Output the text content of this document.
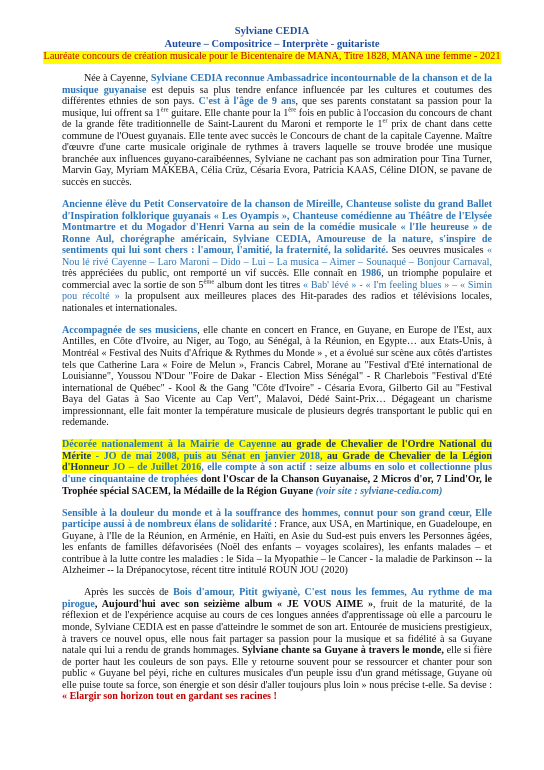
Sylviane CEDIA
Auteure – Compositrice – Interprète - guitariste
Lauréate concours de création musicale pour le Bicentenaire de MANA, Titre 1828, MANA une femme - 2021

Née à Cayenne, Sylviane CEDIA reconnue Ambassadrice incontournable de la chanson et de la musique guyanaise est depuis sa plus tendre enfance influencée par les cultures et coutumes des différentes ethnies de son pays. C'est à l'âge de 9 ans, que ses parents constatant sa passion pour la musique, lui offrent sa 1ère guitare. Elle chante pour la 1ère fois en public à l'occasion du concours de chant de la grande fête traditionnelle de Saint-Laurent du Maroni et remporte le 1er prix de chant dans cette commune de l'Ouest guyanais. Elle tente avec succès le Concours de chant de la capitale Cayenne. Maître d'œuvre d'une carte musicale originale de rythmes à travers laquelle se trouve brodée une musique branchée aux influences guyano-caraïbéennes, Sylviane ne cachant pas son admiration pour Tina Turner, Marvin Gay, Myriam MAKEBA, Célia Crüz, Césaria Evora, Patricia KAAS, Céline DION, se pavane de succès en succès.

Ancienne élève du Petit Conservatoire de la chanson de Mireille, Chanteuse soliste du grand Ballet d'Inspiration folklorique guyanais « Les Oyampis », Chanteuse comédienne au Théâtre de l'Elysée Montmartre et du Mogador d'Henri Varna au sein de la comédie musicale « l'Ile heureuse » de Ronne Aul, chorégraphe américain, Sylviane CEDIA, Amoureuse de la nature, s'inspire de sentiments qui lui sont chers : l'amour, l'amitié, la fraternité, la solidarité. Ses oeuvres musicales « Nou lé rivé Cayenne – Laro Maroni – Dido – Lui – La musica – Aimer – Sounaqué – Bonjour Carnaval, très appréciées du public, ont remporté un vif succès. Elle connaît en 1986, un triomphe populaire et commercial avec la sortie de son 5ème album dont les titres « Bab' lévé » - « I'm feeling blues » – « Simin pou récolté » la propulsent aux meilleures places des Hit-parades des radios et télévisions locales, nationales et internationales.

Accompagnée de ses musiciens, elle chante en concert en France, en Guyane, en Europe de l'Est, aux Antilles, en Côte d'Ivoire, au Niger, au Togo, au Sénégal, à la Réunion, en Egypte… aux Etats-Unis, à Montréal « Festival des Nuits d'Afrique & Rythmes du Monde » , et a évolué sur scène aux côtés d'artistes tels que Catherine Lara « Foire de Melun », Francis Cabrel, Morane au "Festival d'Eté international de Louisianne", Youssou N'Dour "Foire de Dakar - Election Miss Sénégal" - R Charlebois "Festival d'Eté international de Québec" - Kool & the Gang "Côte d'Ivoire" - Césaria Evora, Gilberto Gil au "Festival Baya del Gatas à Sao Vicente au Cap Vert", Malavoi, Dédé Saint-Prix… Dégageant un charisme impressionnant, elle fait monter la température musicale de plusieurs degrés transportant le public qui en redemande.

Décorée nationalement à la Mairie de Cayenne au grade de Chevalier de l'Ordre National du Mérite - JO de mai 2008, puis au Sénat en janvier 2018, au Grade de Chevalier de la Légion d'Honneur JO – de Juillet 2016, elle compte à son actif : seize albums en solo et collectionne plus d'une cinquantaine de trophées dont l'Oscar de la Chanson Guyanaise, 2 Micros d'or, 7 Lind'Or, le Trophée spécial SACEM, la Médaille de la Région Guyane (voir site : sylviane-cedia.com)

Sensible à la douleur du monde et à la souffrance des hommes, connut pour son grand cœur, Elle participe aussi à de nombreux élans de solidarité : France, aux USA, en Martinique, en Guadeloupe, en Guyane, à l'Ile de la Réunion, en Arménie, en Haïti, en Asie du Sud-est puis envers les Personnes âgées, les enfants de familles défavorisées (Noël des enfants – voyages scolaires), les enfants malades – et contribue à la lutte contre les maladies : le Sida – la Myopathie – le Cancer - la maladie de Parkinson -- la Alzheimer -- la Drépanocytose, récent titre intitulé ROUN JOU (2020)

Après les succès de Bois d'amour, Pitit gwiyanè, C'est nous les femmes, Au rythme de ma pirogue, Aujourd'hui avec son seizième album « JE VOUS AIME », fruit de la maturité, de la réflexion et de l'expérience acquise au cours de ces longues années d'apprentissage où elle a parcouru le monde, Sylviane CEDIA est en passe d'atteindre le sommet de son art. Entourée de musiciens prestigieux, à travers ce nouvel opus, elle nous fait partager sa passion pour la musique et sa fidélité à sa Guyane natale qui lui a rendu de grands hommages. Sylviane chante sa Guyane à travers le monde, elle si fière de porter haut les couleurs de son pays. Elle y retourne souvent pour se ressourcer et chanter pour son public « Guyane bel péyi, riche en cultures musicales d'un peuple issu d'un grand métissage, Guyane où elle puise toute sa force, son énergie et son désir d'aller toujours plus loin » nous précise t-elle. Sa devise : « Elargir son horizon tout en gardant ses racines !
